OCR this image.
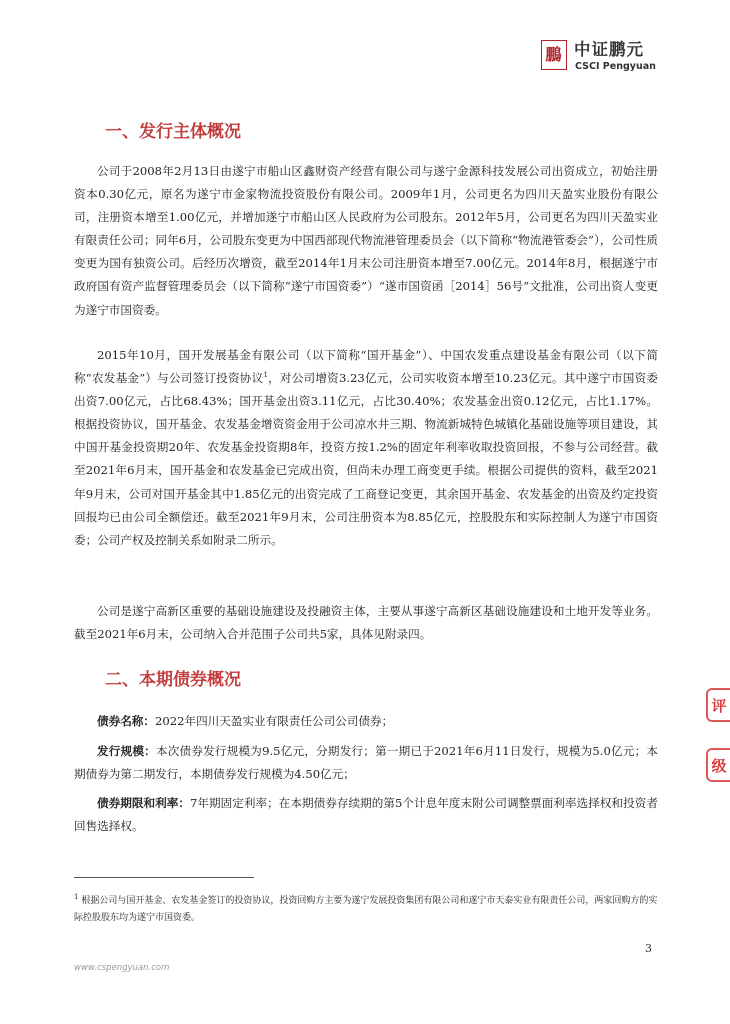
鵬 中证鹏元
CSCI Pengyuan
一、发行主体概况

公司于2008年2月13日由遂宁市船山区鑫财资产经营有限公司与遂宁金源科技发展公司出资成立，初始注册资本0.30亿元，原名为遂宁市金家物流投资股份有限公司。2009年1月，公司更名为四川天盈实业股份有限公司，注册资本增至1.00亿元，并增加遂宁市船山区人民政府为公司股东。2012年5月，公司更名为四川天盈实业有限责任公司；同年6月，公司股东变更为中国西部现代物流港管理委员会（以下简称“物流港管委会”），公司性质变更为国有独资公司。后经历次增资，截至2014年1月末公司注册资本增至7.00亿元。2014年8月，根据遂宁市政府国有资产监督管理委员会（以下简称“遂宁市国资委”）“遂市国资函［2014］56号”文批准，公司出资人变更为遂宁市国资委。

2015年10月，国开发展基金有限公司（以下简称“国开基金”）、中国农发重点建设基金有限公司（以下简称“农发基金”）与公司签订投资协议$^1$，对公司增资3.23亿元，公司实收资本增至10.23亿元。其中遂宁市国资委出资7.00亿元，占比68.43%；国开基金出资3.11亿元，占比30.40%；农发基金出资0.12亿元，占比1.17%。根据投资协议，国开基金、农发基金增资资金用于公司凉水井三期、物流新城特色城镇化基础设施等项目建设，其中国开基金投资期20年、农发基金投资期8年，投资方按1.2%的固定年利率收取投资回报，不参与公司经营。截至2021年6月末，国开基金和农发基金已完成出资，但尚未办理工商变更手续。根据公司提供的资料，截至2021年9月末，公司对国开基金其中1.85亿元的出资完成了工商登记变更，其余国开基金、农发基金的出资及约定投资回报均已由公司全额偿还。截至2021年9月末，公司注册资本为8.85亿元，控股股东和实际控制人为遂宁市国资委；公司产权及控制关系如附录二所示。

公司是遂宁高新区重要的基础设施建设及投融资主体，主要从事遂宁高新区基础设施建设和土地开发等业务。截至2021年6月末，公司纳入合并范围子公司共5家，具体见附录四。

二、本期债券概况

债券名称：2022年四川天盈实业有限责任公司公司债券；

发行规模：本次债券发行规模为9.5亿元，分期发行；第一期已于2021年6月11日发行，规模为5.0亿元；本期债券为第二期发行，本期债券发行规模为4.50亿元；

债券期限和利率：7年期固定利率；在本期债券存续期的第5个计息年度末附公司调整票面利率选择权和投资者回售选择权。

$^1$ 根据公司与国开基金、农发基金签订的投资协议，投资回购方主要为遂宁发展投资集团有限公司和遂宁市天泰实业有限责任公司，两家回购方的实际控股股东均为遂宁市国资委。

3
www.cspengyuan.com
评
级
